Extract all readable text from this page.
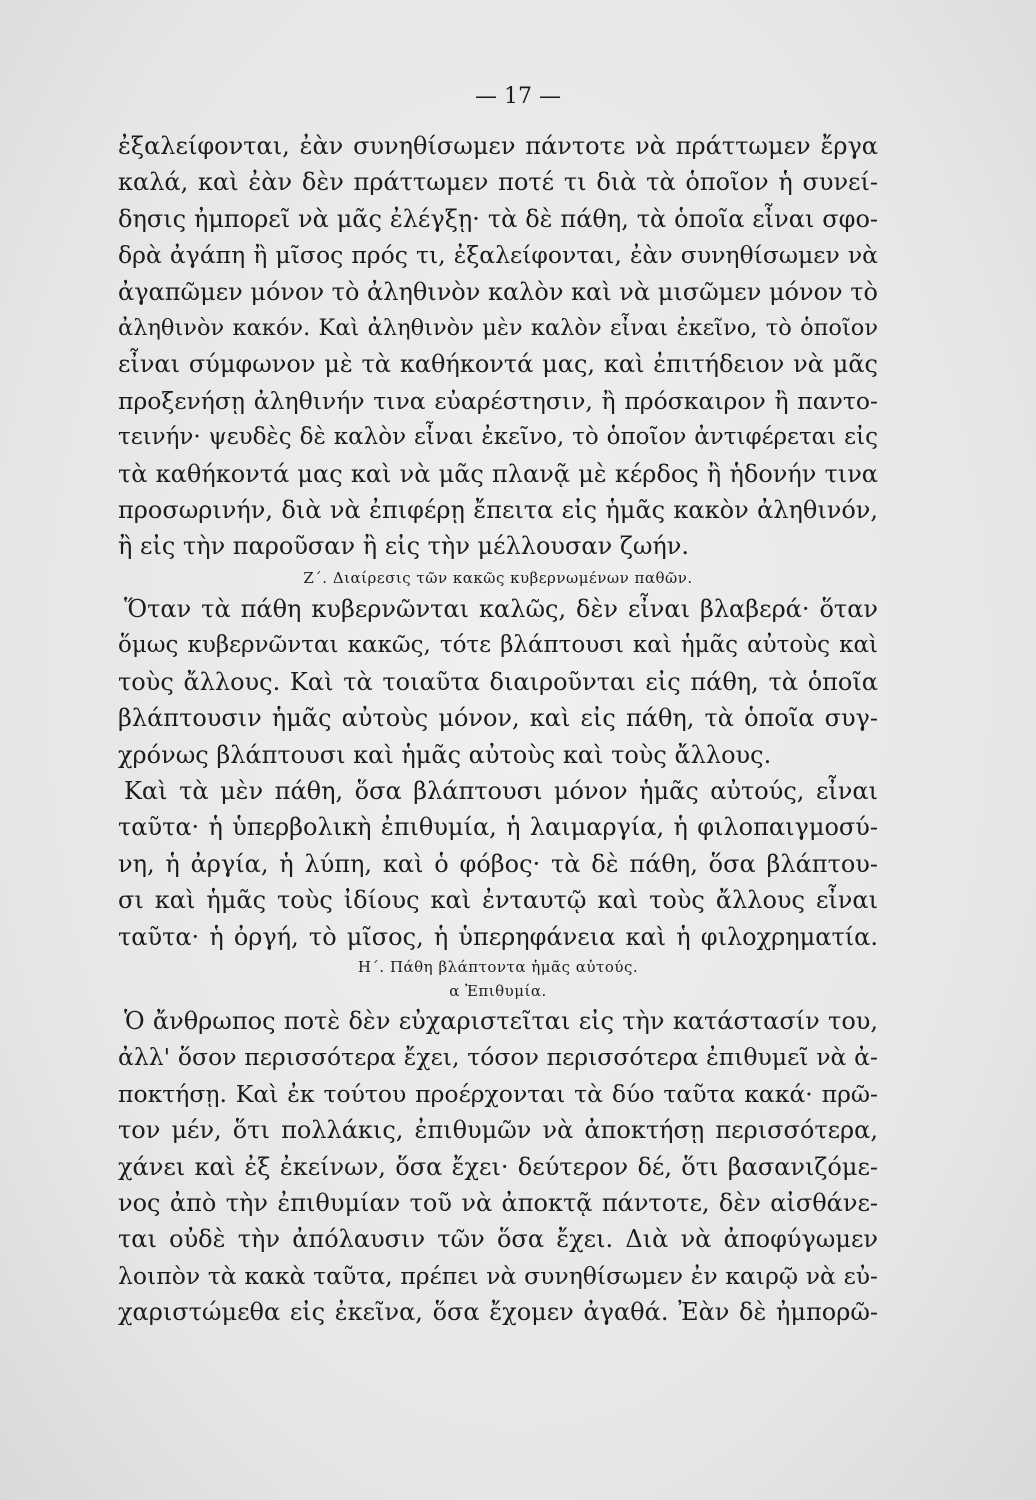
— 17 —
ἐξαλείφονται, ἐὰν συνηθίσωμεν πάντοτε νὰ πράττωμεν ἔργα
καλά, καὶ ἐὰν δὲν πράττωμεν ποτέ τι διὰ τὰ ὁποῖον ἡ συνεί-
δησις ἠμπορεῖ νὰ μᾶς ἐλέγξῃ· τὰ δὲ πάθη, τὰ ὁποῖα εἶναι σφο-
δρὰ ἀγάπη ἢ μῖσος πρός τι, ἐξαλείφονται, ἐὰν συνηθίσωμεν νὰ
ἀγαπῶμεν μόνον τὸ ἀληθινὸν καλὸν καὶ νὰ μισῶμεν μόνον τὸ
ἀληθινὸν κακόν. Καὶ ἀληθινὸν μὲν καλὸν εἶναι ἐκεῖνο, τὸ ὁποῖον
εἶναι σύμφωνον μὲ τὰ καθήκοντά μας, καὶ ἐπιτήδειον νὰ μᾶς
προξενήσῃ ἀληθινήν τινα εὐαρέστησιν, ἢ πρόσκαιρον ἢ παντο-
τεινήν· ψευδὲς δὲ καλὸν εἶναι ἐκεῖνο, τὸ ὁποῖον ἀντιφέρεται εἰς
τὰ καθήκοντά μας καὶ νὰ μᾶς πλανᾷ μὲ κέρδος ἢ ἡδονήν τινα
προσωρινήν, διὰ νὰ ἐπιφέρῃ ἔπειτα εἰς ἡμᾶς κακὸν ἀληθινόν,
ἢ εἰς τὴν παροῦσαν ἢ εἰς τὴν μέλλουσαν ζωήν.
Ζ΄. Διαίρεσις τῶν κακῶς κυβερνωμένων παθῶν.
Ὅταν τὰ πάθη κυβερνῶνται καλῶς, δὲν εἶναι βλαβερά· ὅταν
ὅμως κυβερνῶνται κακῶς, τότε βλάπτουσι καὶ ἡμᾶς αὐτοὺς καὶ
τοὺς ἄλλους. Καὶ τὰ τοιαῦτα διαιροῦνται εἰς πάθη, τὰ ὁποῖα
βλάπτουσιν ἡμᾶς αὐτοὺς μόνον, καὶ εἰς πάθη, τὰ ὁποῖα συγ-
χρόνως βλάπτουσι καὶ ἡμᾶς αὐτοὺς καὶ τοὺς ἄλλους.
Καὶ τὰ μὲν πάθη, ὅσα βλάπτουσι μόνον ἡμᾶς αὐτούς, εἶναι
ταῦτα· ἡ ὑπερβολικὴ ἐπιθυμία, ἡ λαιμαργία, ἡ φιλοπαιγμοσύ-
νη, ἡ ἀργία, ἡ λύπη, καὶ ὁ φόβος· τὰ δὲ πάθη, ὅσα βλάπτου-
σι καὶ ἡμᾶς τοὺς ἰδίους καὶ ἐνταυτῷ καὶ τοὺς ἄλλους εἶναι
ταῦτα· ἡ ὀργή, τὸ μῖσος, ἡ ὑπερηφάνεια καὶ ἡ φιλοχρηματία.
Η΄. Πάθη βλάπτοντα ἡμᾶς αὐτούς.
α Ἐπιθυμία.
Ὁ ἄνθρωπος ποτὲ δὲν εὐχαριστεῖται εἰς τὴν κατάστασίν του,
ἀλλ' ὅσον περισσότερα ἔχει, τόσον περισσότερα ἐπιθυμεῖ νὰ ἀ-
ποκτήσῃ. Καὶ ἐκ τούτου προέρχονται τὰ δύο ταῦτα κακά· πρῶ-
τον μέν, ὅτι πολλάκις, ἐπιθυμῶν νὰ ἀποκτήσῃ περισσότερα,
χάνει καὶ ἐξ ἐκείνων, ὅσα ἔχει· δεύτερον δέ, ὅτι βασανιζόμε-
νος ἀπὸ τὴν ἐπιθυμίαν τοῦ νὰ ἀποκτᾷ πάντοτε, δὲν αἰσθάνε-
ται οὐδὲ τὴν ἀπόλαυσιν τῶν ὅσα ἔχει. Διὰ νὰ ἀποφύγωμεν
λοιπὸν τὰ κακὰ ταῦτα, πρέπει νὰ συνηθίσωμεν ἐν καιρῷ νὰ εὐ-
χαριστώμεθα εἰς ἐκεῖνα, ὅσα ἔχομεν ἀγαθά. Ἐὰν δὲ ἠμπορῶ-
